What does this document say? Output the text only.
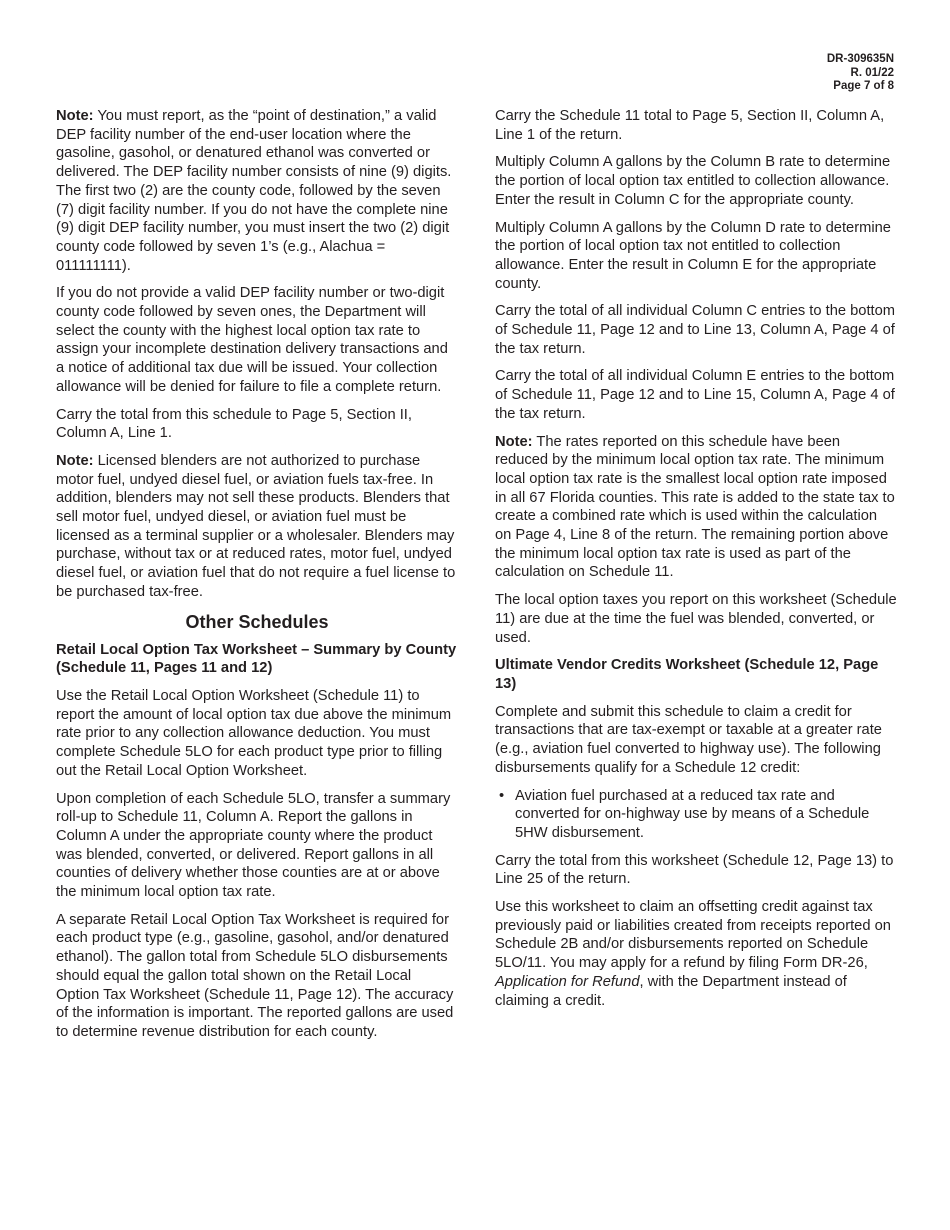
DR-309635N
R. 01/22
Page 7 of 8

Note: You must report, as the “point of destination,” a valid DEP facility number of the end-user location where the gasoline, gasohol, or denatured ethanol was converted or delivered. The DEP facility number consists of nine (9) digits. The first two (2) are the county code, followed by the seven (7) digit facility number. If you do not have the complete nine (9) digit DEP facility number, you must insert the two (2) digit county code followed by seven 1’s (e.g., Alachua = 011111111).

If you do not provide a valid DEP facility number or two-digit county code followed by seven ones, the Department will select the county with the highest local option tax rate to assign your incomplete destination delivery transactions and a notice of additional tax due will be issued. Your collection allowance will be denied for failure to file a complete return.

Carry the total from this schedule to Page 5, Section II, Column A, Line 1.

Note: Licensed blenders are not authorized to purchase motor fuel, undyed diesel fuel, or aviation fuels tax-free. In addition, blenders may not sell these products. Blenders that sell motor fuel, undyed diesel, or aviation fuel must be licensed as a terminal supplier or a wholesaler. Blenders may purchase, without tax or at reduced rates, motor fuel, undyed diesel fuel, or aviation fuel that do not require a fuel license to be purchased tax-free.

Other Schedules
Retail Local Option Tax Worksheet – Summary by County (Schedule 11, Pages 11 and 12)

Use the Retail Local Option Worksheet (Schedule 11) to report the amount of local option tax due above the minimum rate prior to any collection allowance deduction. You must complete Schedule 5LO for each product type prior to filling out the Retail Local Option Worksheet.

Upon completion of each Schedule 5LO, transfer a summary roll-up to Schedule 11, Column A. Report the gallons in Column A under the appropriate county where the product was blended, converted, or delivered. Report gallons in all counties of delivery whether those counties are at or above the minimum local option tax rate.

A separate Retail Local Option Tax Worksheet is required for each product type (e.g., gasoline, gasohol, and/or denatured ethanol). The gallon total from Schedule 5LO disbursements should equal the gallon total shown on the Retail Local Option Tax Worksheet (Schedule 11, Page 12). The accuracy of the information is important. The reported gallons are used to determine revenue distribution for each county.

Carry the Schedule 11 total to Page 5, Section II, Column A, Line 1 of the return.

Multiply Column A gallons by the Column B rate to determine the portion of local option tax entitled to collection allowance. Enter the result in Column C for the appropriate county.

Multiply Column A gallons by the Column D rate to determine the portion of local option tax not entitled to collection allowance. Enter the result in Column E for the appropriate county.

Carry the total of all individual Column C entries to the bottom of Schedule 11, Page 12 and to Line 13, Column A, Page 4 of the tax return.

Carry the total of all individual Column E entries to the bottom of Schedule 11, Page 12 and to Line 15, Column A, Page 4 of the tax return.

Note: The rates reported on this schedule have been reduced by the minimum local option tax rate. The minimum local option tax rate is the smallest local option rate imposed in all 67 Florida counties. This rate is added to the state tax to create a combined rate which is used within the calculation on Page 4, Line 8 of the return. The remaining portion above the minimum local option tax rate is used as part of the calculation on Schedule 11.

The local option taxes you report on this worksheet (Schedule 11) are due at the time the fuel was blended, converted, or used.

Ultimate Vendor Credits Worksheet (Schedule 12, Page 13)

Complete and submit this schedule to claim a credit for transactions that are tax-exempt or taxable at a greater rate (e.g., aviation fuel converted to highway use). The following disbursements qualify for a Schedule 12 credit:

• Aviation fuel purchased at a reduced tax rate and converted for on-highway use by means of a Schedule 5HW disbursement.

Carry the total from this worksheet (Schedule 12, Page 13) to Line 25 of the return.

Use this worksheet to claim an offsetting credit against tax previously paid or liabilities created from receipts reported on Schedule 2B and/or disbursements reported on Schedule 5LO/11. You may apply for a refund by filing Form DR-26, Application for Refund, with the Department instead of claiming a credit.
